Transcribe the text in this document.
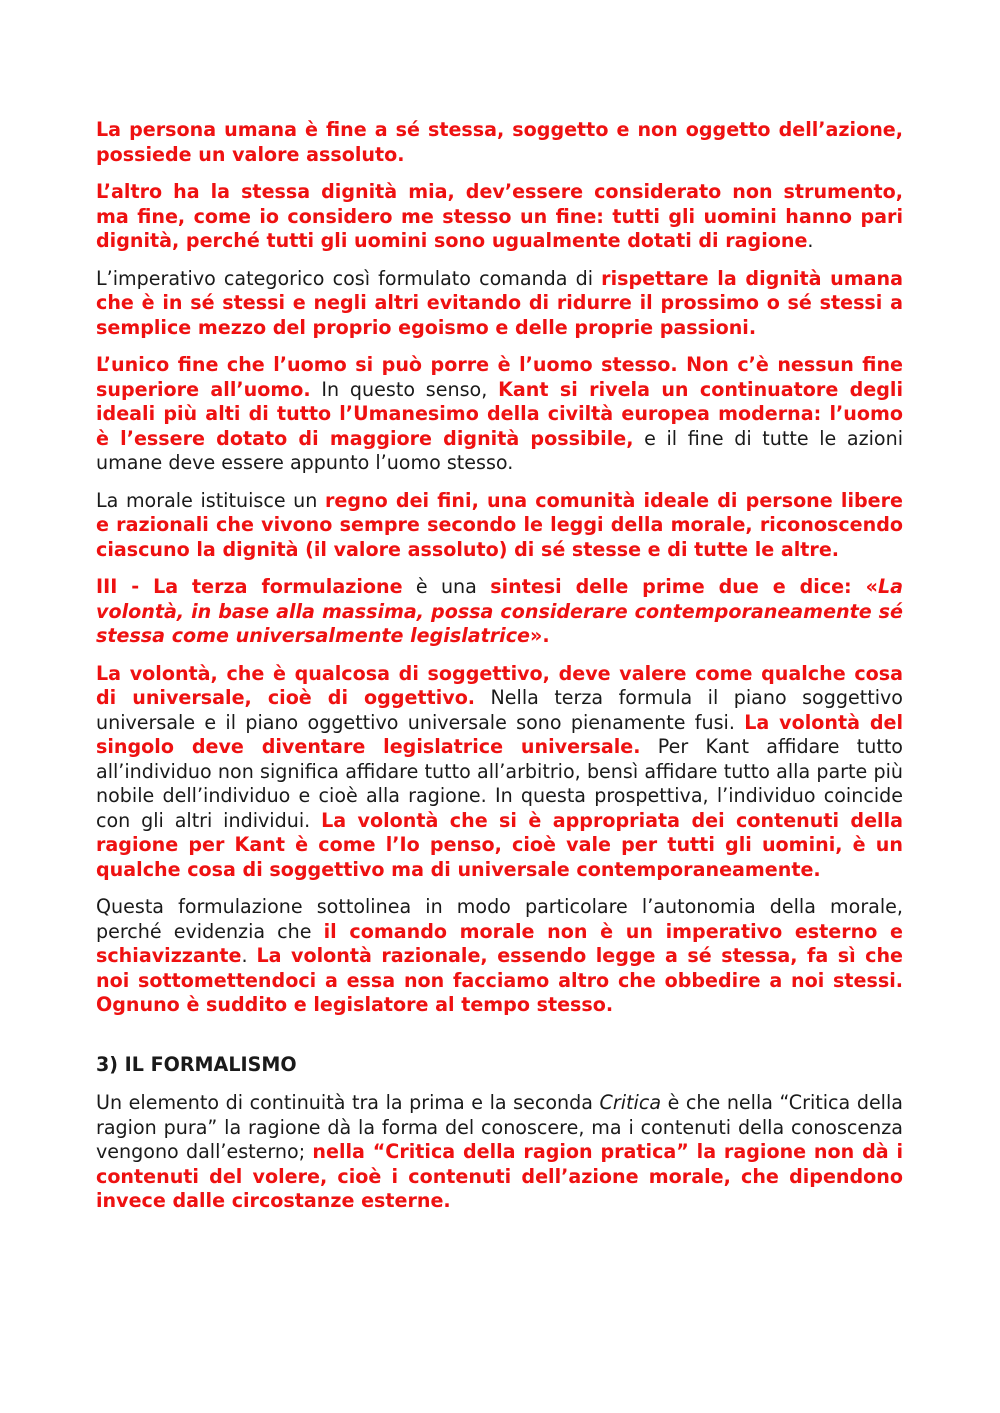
La persona umana è fine a sé stessa, soggetto e non oggetto dell’azione, possiede un valore assoluto.

L’altro ha la stessa dignità mia, dev’essere considerato non strumento, ma fine, come io considero me stesso un fine: tutti gli uomini hanno pari dignità, perché tutti gli uomini sono ugualmente dotati di ragione.

L’imperativo categorico così formulato comanda di rispettare la dignità umana che è in sé stessi e negli altri evitando di ridurre il prossimo o sé stessi a semplice mezzo del proprio egoismo e delle proprie passioni.

L’unico fine che l’uomo si può porre è l’uomo stesso. Non c’è nessun fine superiore all’uomo. In questo senso, Kant si rivela un continuatore degli ideali più alti di tutto l’Umanesimo della civiltà europea moderna: l’uomo è l’essere dotato di maggiore dignità possibile, e il fine di tutte le azioni umane deve essere appunto l’uomo stesso.

La morale istituisce un regno dei fini, una comunità ideale di persone libere e razionali che vivono sempre secondo le leggi della morale, riconoscendo ciascuno la dignità (il valore assoluto) di sé stesse e di tutte le altre.

III - La terza formulazione è una sintesi delle prime due e dice: «La volontà, in base alla massima, possa considerare contemporaneamente sé stessa come universalmente legislatrice».

La volontà, che è qualcosa di soggettivo, deve valere come qualche cosa di universale, cioè di oggettivo. Nella terza formula il piano soggettivo universale e il piano oggettivo universale sono pienamente fusi. La volontà del singolo deve diventare legislatrice universale. Per Kant affidare tutto all’individuo non significa affidare tutto all’arbitrio, bensì affidare tutto alla parte più nobile dell’individuo e cioè alla ragione. In questa prospettiva, l’individuo coincide con gli altri individui. La volontà che si è appropriata dei contenuti della ragione per Kant è come l’Io penso, cioè vale per tutti gli uomini, è un qualche cosa di soggettivo ma di universale contemporaneamente.

Questa formulazione sottolinea in modo particolare l’autonomia della morale, perché evidenzia che il comando morale non è un imperativo esterno e schiavizzante. La volontà razionale, essendo legge a sé stessa, fa sì che noi sottomettendoci a essa non facciamo altro che obbedire a noi stessi. Ognuno è suddito e legislatore al tempo stesso.

3) IL FORMALISMO

Un elemento di continuità tra la prima e la seconda Critica è che nella “Critica della ragion pura” la ragione dà la forma del conoscere, ma i contenuti della conoscenza vengono dall’esterno; nella “Critica della ragion pratica” la ragione non dà i contenuti del volere, cioè i contenuti dell’azione morale, che dipendono invece dalle circostanze esterne.
